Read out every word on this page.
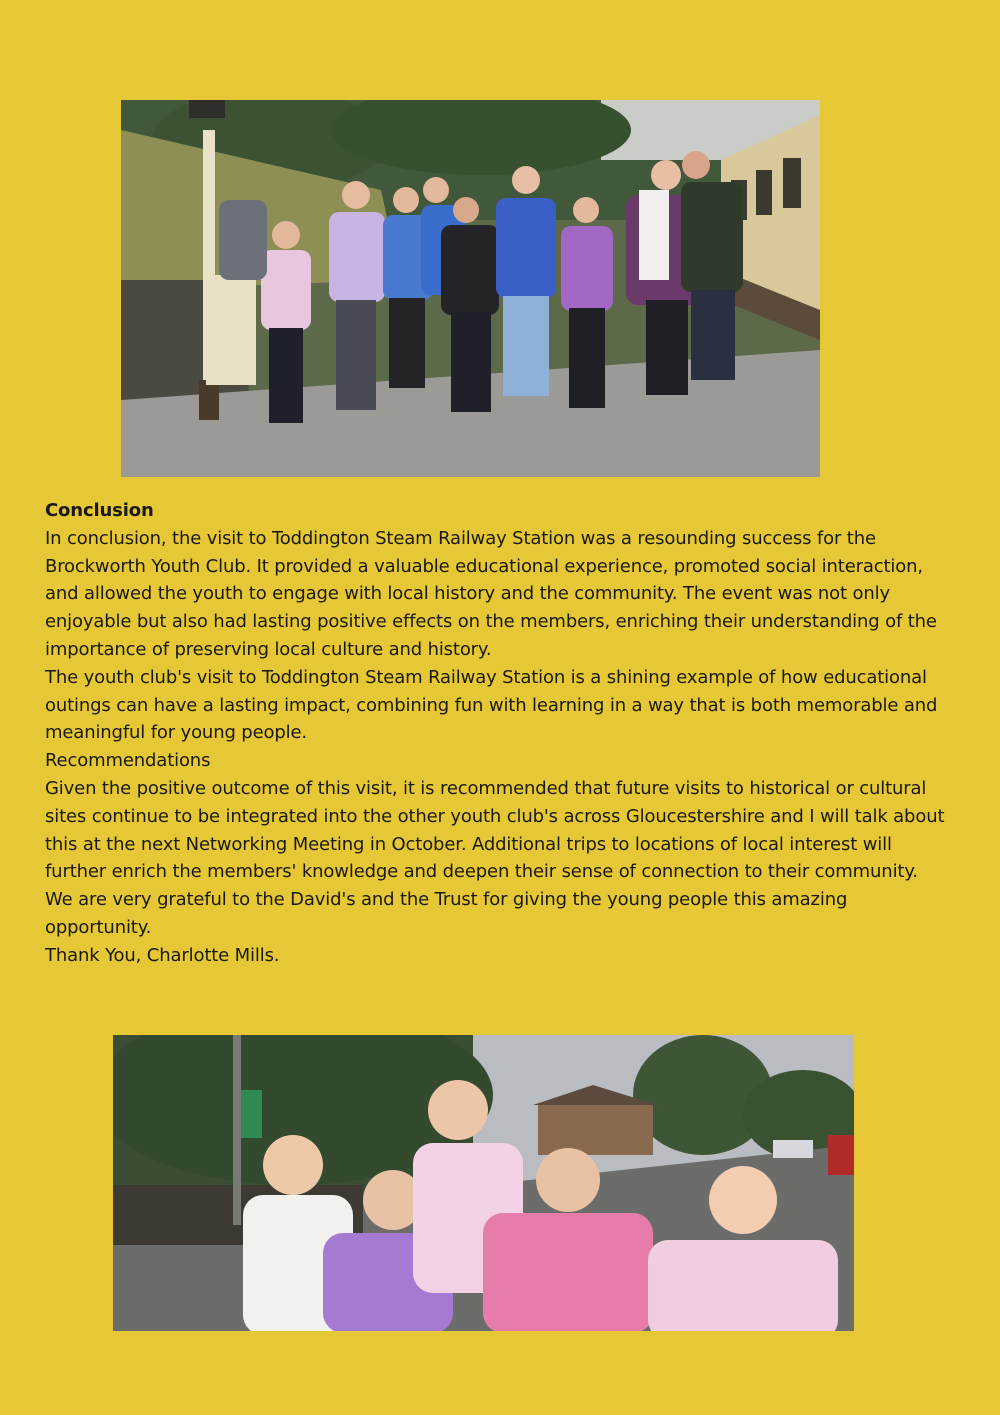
Conclusion

In conclusion, the visit to Toddington Steam Railway Station was a resounding success for the Brockworth Youth Club. It provided a valuable educational experience, promoted social interaction, and allowed the youth to engage with local history and the community. The event was not only enjoyable but also had lasting positive effects on the members, enriching their understanding of the importance of preserving local culture and history.

The youth club's visit to Toddington Steam Railway Station is a shining example of how educational outings can have a lasting impact, combining fun with learning in a way that is both memorable and meaningful for young people.

Recommendations

Given the positive outcome of this visit, it is recommended that future visits to historical or cultural sites continue to be integrated into the other youth club's across Gloucestershire and I will talk about this at the next Networking Meeting in October. Additional trips to locations of local interest will further enrich the members' knowledge and deepen their sense of connection to their community. We are very grateful to the David's and the Trust for giving the young people this amazing opportunity.

Thank You, Charlotte Mills.
